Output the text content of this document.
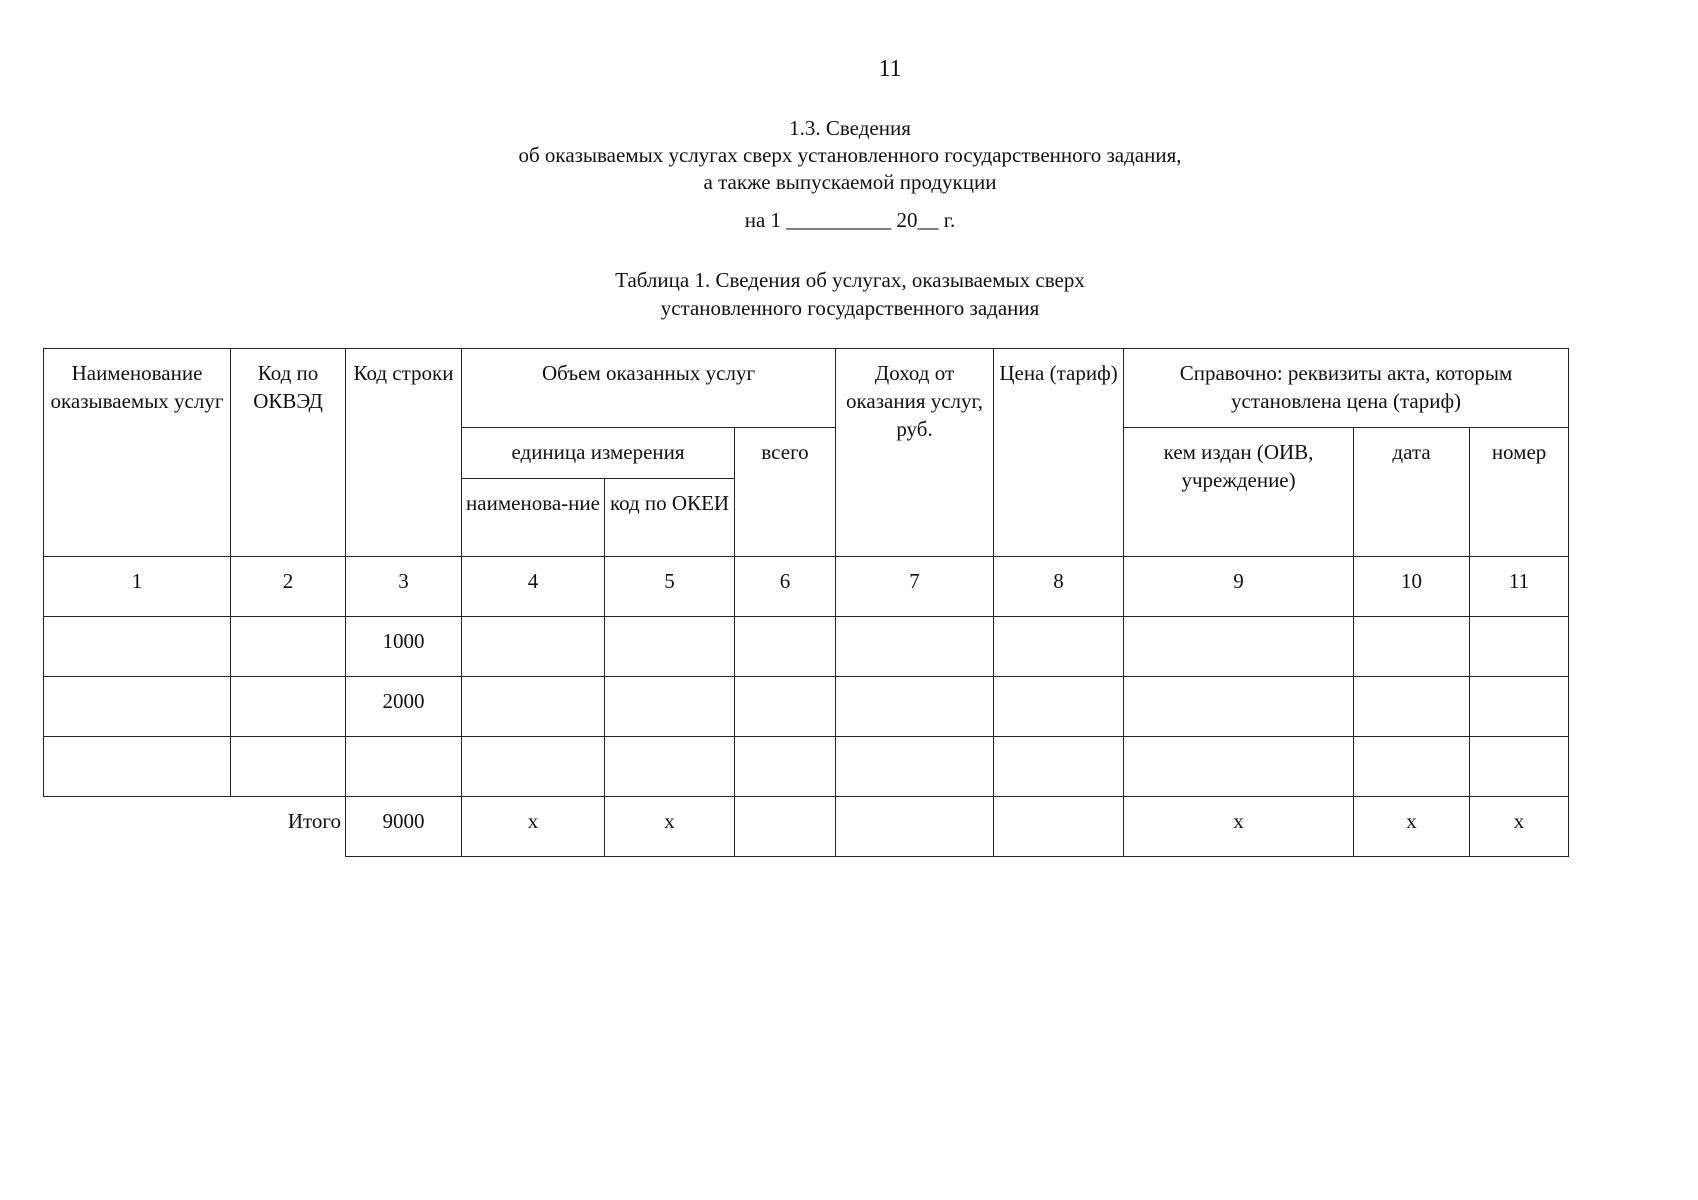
11
1.3. Сведения
об оказываемых услугах сверх установленного государственного задания,
а также выпускаемой продукции
на 1 __________ 20__ г.
Таблица 1. Сведения об услугах, оказываемых сверх
установленного государственного задания
Наименование оказываемых услуг	Код по ОКВЭД	Код строки	Объем оказанных услуг			Доход от оказания услуг, руб.	Цена (тариф)	Справочно: реквизиты акта, которым установлена цена (тариф)		
			единица измерения		всего			кем издан (ОИВ, учреждение)	дата	номер
			наименова-ние	код по ОКЕИ						
1	2	3	4	5	6	7	8	9	10	11
		1000								
		2000								

Итого		9000	x	x				x	x	x
